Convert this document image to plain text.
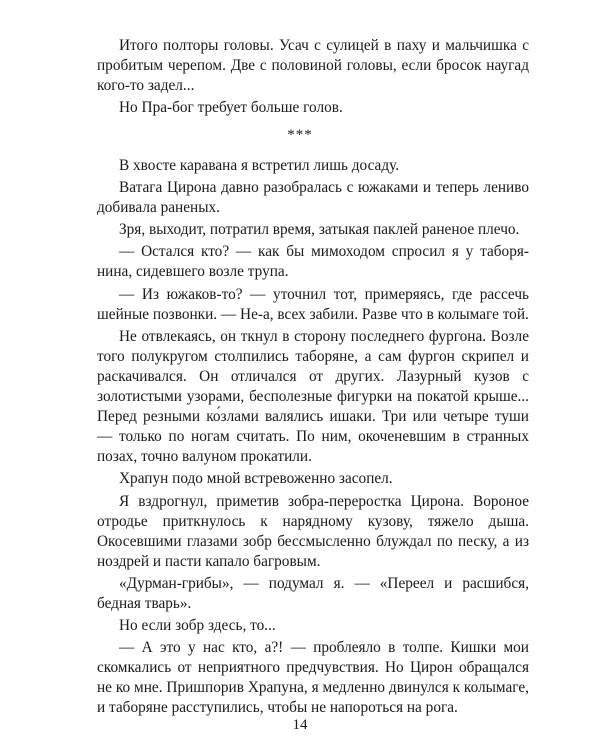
Итого полторы головы. Усач с сулицей в паху и мальчишка с пробитым черепом. Две с половиной головы, если бросок наугад кого-то задел...

Но Пра-бог требует больше голов.

***

В хвосте каравана я встретил лишь досаду.

Ватага Цирона давно разобралась с южаками и теперь лениво добивала раненых.

Зря, выходит, потратил время, затыкая паклей раненое плечо.

— Остался кто? — как бы мимоходом спросил я у таборянина, сидевшего возле трупа.

— Из южаков-то? — уточнил тот, примеряясь, где рассечь шейные позвонки. — Не-а, всех забили. Разве что в колымаге той.

Не отвлекаясь, он ткнул в сторону последнего фургона. Возле того полукругом столпились таборяне, а сам фургон скрипел и раскачивался. Он отличался от других. Лазурный кузов с золотистыми узорами, бесполезные фигурки на покатой крыше... Перед резными ко́злами валялись ишаки. Три или четыре туши — только по ногам считать. По ним, окоченевшим в странных позах, точно валуном прокатили.

Храпун подо мной встревоженно засопел.

Я вздрогнул, приметив зобра-переростка Цирона. Вороное отродье приткнулось к нарядному кузову, тяжело дыша. Окосевшими глазами зобр бессмысленно блуждал по песку, а из ноздрей и пасти капало багровым.

«Дурман-грибы», — подумал я. — «Переел и расшибся, бедная тварь».

Но если зобр здесь, то...

— А это у нас кто, а?! — проблеяло в толпе. Кишки мои скомкались от неприятного предчувствия. Но Цирон обращался не ко мне. Пришпорив Храпуна, я медленно двинулся к колымаге, и таборяне расступились, чтобы не напороться на рога.

14
